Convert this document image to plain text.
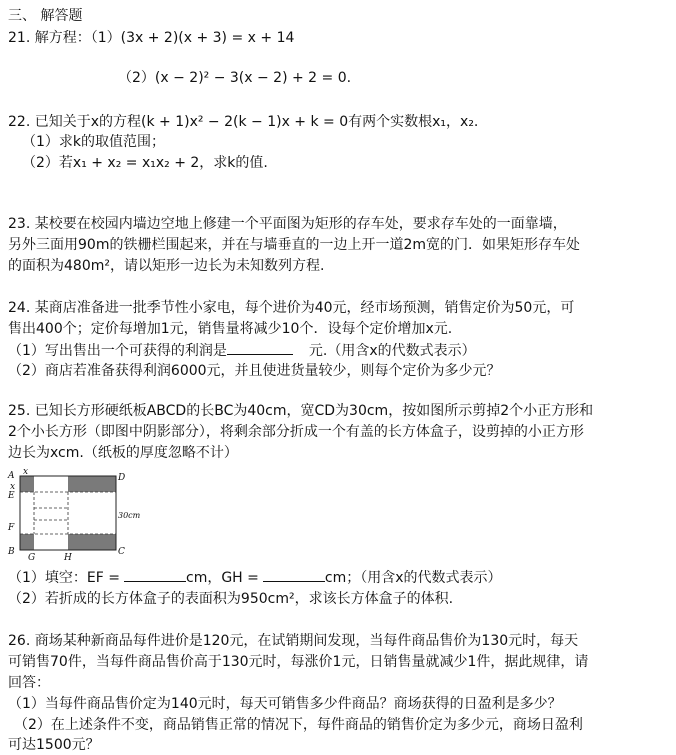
三、 解答题
21. 解方程：（1）(3x + 2)(x + 3) = x + 14
（2）(x − 2)² − 3(x − 2) + 2 = 0.
22. 已知关于x的方程(k + 1)x² − 2(k − 1)x + k = 0有两个实数根x₁，x₂.
（1）求k的取值范围；
（2）若x₁ + x₂ = x₁x₂ + 2，求k的值.
23. 某校要在校园内墙边空地上修建一个平面图为矩形的存车处，要求存车处的一面靠墙，
另外三面用90m的铁栅栏围起来，并在与墙垂直的一边上开一道2m宽的门．如果矩形存车处
的面积为480m²，请以矩形一边长为未知数列方程.
24. 某商店准备进一批季节性小家电，每个进价为40元，经市场预测，销售定价为50元，可
售出400个；定价每增加1元，销售量将减少10个．设每个定价增加x元.
（1）写出售出一个可获得的利润是	元.（用含x的代数式表示）
（2）商店若准备获得利润6000元，并且使进货量较少，则每个定价为多少元？
25. 已知长方形硬纸板ABCD的长BC为40cm，宽CD为30cm，按如图所示剪掉2个小正方形和
2个小长方形（即图中阴影部分），将剩余部分折成一个有盖的长方体盒子，设剪掉的小正方形
边长为xcm.（纸板的厚度忽略不计）
A x
x
E
F
B
G	H
C
D
30cm
（1）填空：EF =	cm，GH =	cm；（用含x的代数式表示）
（2）若折成的长方体盒子的表面积为950cm²，求该长方体盒子的体积.
26. 商场某种新商品每件进价是120元，在试销期间发现，当每件商品售价为130元时，每天
可销售70件，当每件商品售价高于130元时，每涨价1元，日销售量就减少1件，据此规律，请
回答：
（1）当每件商品售价定为140元时，每天可销售多少件商品？商场获得的日盈利是多少？
（2）在上述条件不变，商品销售正常的情况下，每件商品的销售价定为多少元，商场日盈利
可达1500元？
